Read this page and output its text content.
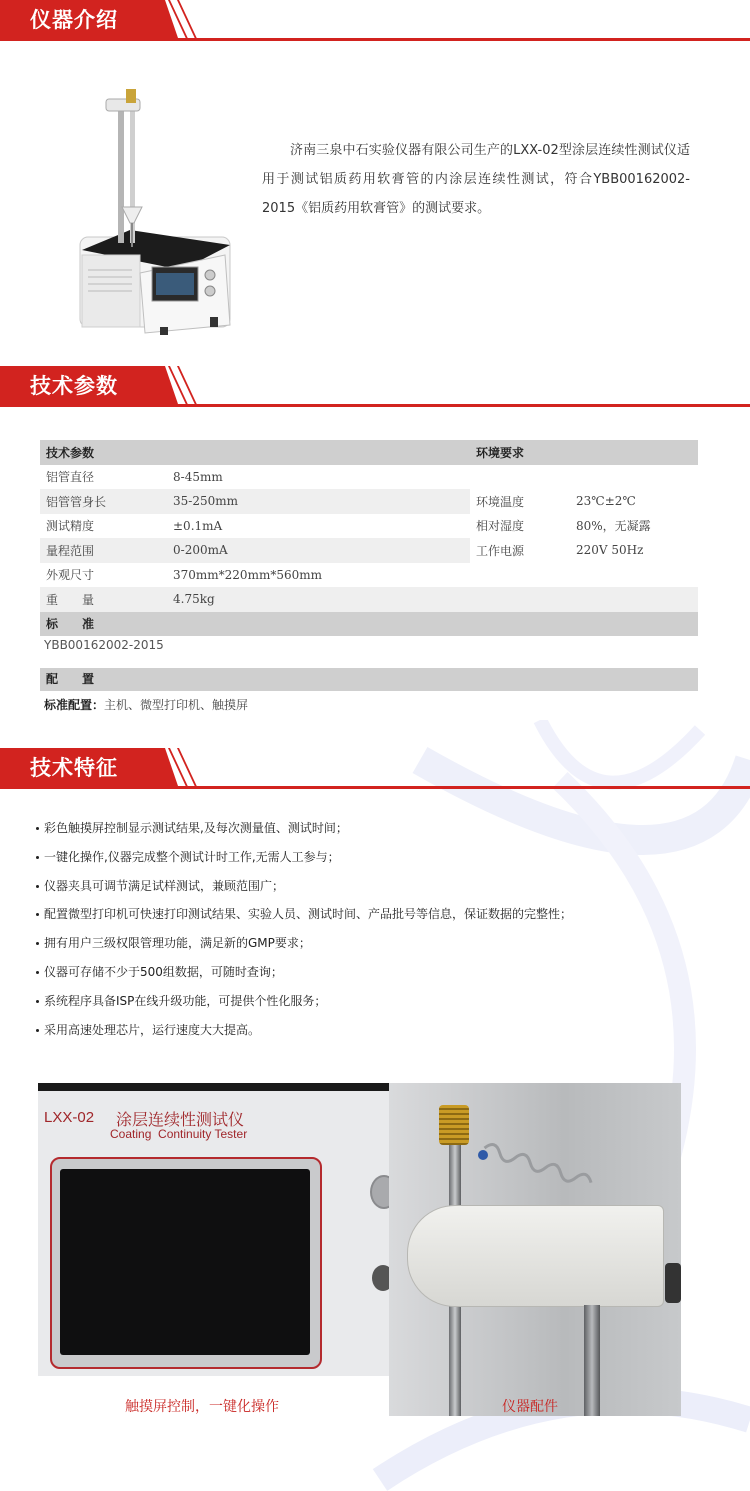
仪器介绍
济南三泉中石实验仪器有限公司生产的LXX-02型涂层连续性测试仪适用于测试铝质药用软膏管的内涂层连续性测试，符合YBB00162002-2015《铝质药用软膏管》的测试要求。
技术参数
技术参数		环境要求	
铝管直径	8-45mm		
铝管管身长	35-250mm	环境温度	23℃±2℃
测试精度	±0.1mA	相对湿度	80%，无凝露
量程范围	0-200mA	工作电源	220V 50Hz
外观尺寸	370mm*220mm*560mm		
重　　量	4.75kg		
标　　准			
YBB00162002-2015
配　　置
标准配置：主机、微型打印机、触摸屏
技术特征
彩色触摸屏控制显示测试结果,及每次测量值、测试时间；
一键化操作,仪器完成整个测试计时工作,无需人工参与；
仪器夹具可调节满足试样测试，兼顾范围广；
配置微型打印机可快速打印测试结果、实验人员、测试时间、产品批号等信息，保证数据的完整性；
拥有用户三级权限管理功能，满足新的GMP要求；
仪器可存储不少于500组数据，可随时查询；
系统程序具备ISP在线升级功能，可提供个性化服务；
采用高速处理芯片，运行速度大大提高。
LXX-02 涂层连续性测试仪
Coating  Continuity Tester
触摸屏控制，一键化操作	仪器配件
